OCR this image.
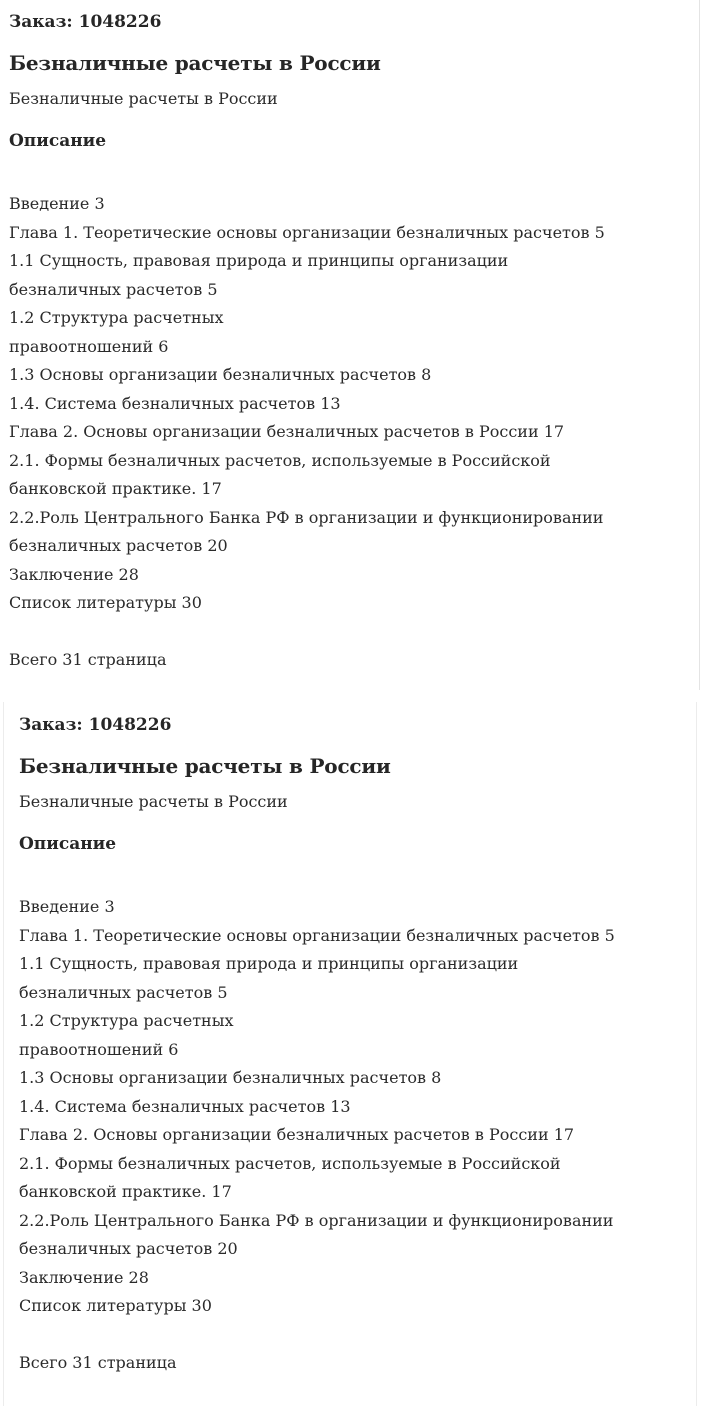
Заказ: 1048226

Безналичные расчеты в России

Безналичные расчеты в России

Описание
Введение 3
Глава 1. Теоретические основы организации безналичных расчетов 5
1.1 Сущность, правовая природа и принципы организации
безналичных расчетов 5
1.2 Структура расчетных
правоотношений 6
1.3 Основы организации безналичных расчетов 8
1.4. Система безналичных расчетов 13
Глава 2. Основы организации безналичных расчетов в России 17
2.1. Формы безналичных расчетов, используемые в Российской
банковской практике. 17
2.2.Роль Центрального Банка РФ в организации и функционировании
безналичных расчетов 20
Заключение 28
Список литературы 30

Всего 31 страница

Заказ: 1048226

Безналичные расчеты в России

Безналичные расчеты в России

Описание
Введение 3
Глава 1. Теоретические основы организации безналичных расчетов 5
1.1 Сущность, правовая природа и принципы организации
безналичных расчетов 5
1.2 Структура расчетных
правоотношений 6
1.3 Основы организации безналичных расчетов 8
1.4. Система безналичных расчетов 13
Глава 2. Основы организации безналичных расчетов в России 17
2.1. Формы безналичных расчетов, используемые в Российской
банковской практике. 17
2.2.Роль Центрального Банка РФ в организации и функционировании
безналичных расчетов 20
Заключение 28
Список литературы 30

Всего 31 страница
